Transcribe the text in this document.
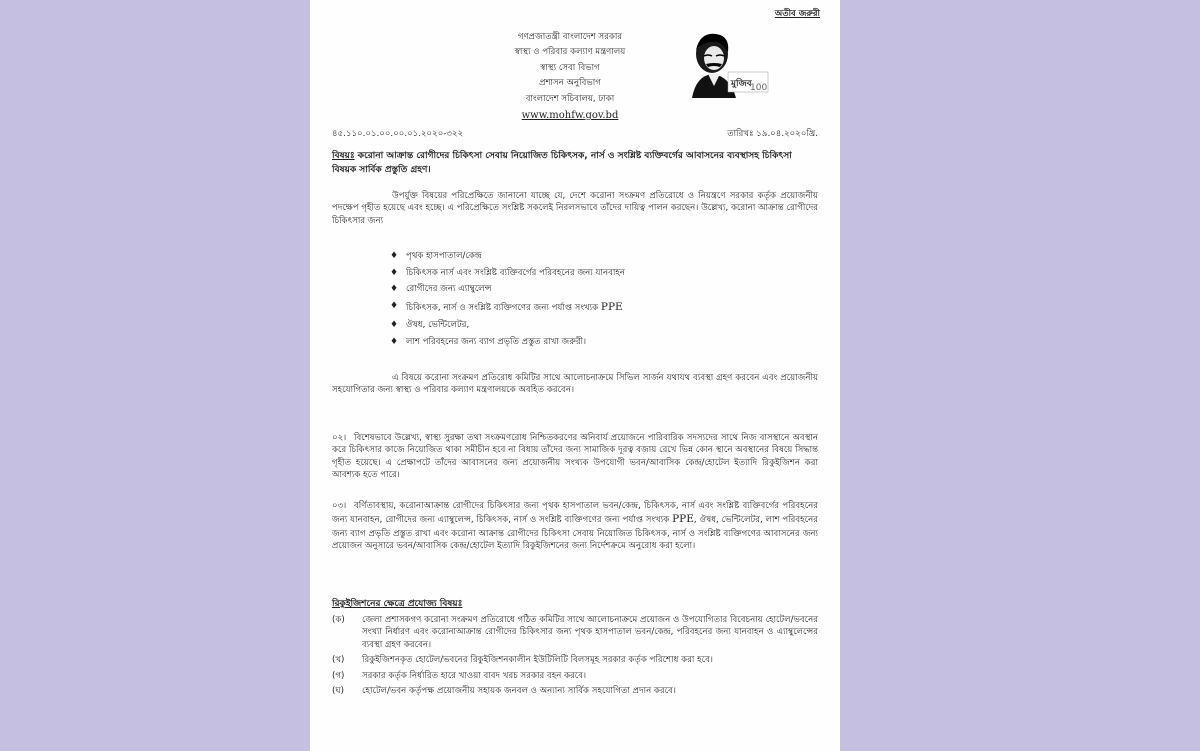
অতীব জরুরী
গণপ্রজাতন্ত্রী বাংলাদেশ সরকার
স্বাস্থ্য ও পরিবার কল্যাণ মন্ত্রণালয়
স্বাস্থ্য সেবা বিভাগ
প্রশাসন অনুবিভাগ
বাংলাদেশ সচিবালয়, ঢাকা
www.mohfw.gov.bd
মুজিব
100
৪৫.১১০.০১.০০.০০.০১.২০২০-৩২২	তারিখঃ ১৯.০৪.২০২০খ্রি.
বিষয়ঃ করোনা আক্রান্ত রোগীদের চিকিৎসা সেবায় নিয়োজিত চিকিৎসক, নার্স ও সংশ্লিষ্ট ব্যক্তিবর্গের আবাসনের ব্যবস্থাসহ চিকিৎসা বিষয়ক সার্বিক প্রস্তুতি গ্রহণ।
উপর্যুক্ত বিষয়ের পরিপ্রেক্ষিতে জানানো যাচ্ছে যে, দেশে করোনা সংক্রমণ প্রতিরোধে ও নিয়ন্ত্রণে সরকার কর্তৃক প্রয়োজনীয় পদক্ষেপ গৃহীত হয়েছে এবং হচ্ছে। এ পরিপ্রেক্ষিতে সংশ্লিষ্ট সকলেই নিরলসভাবে তাঁদের দায়িত্ব পালন করছেন। উল্লেখ্য, করোনা আক্রান্ত রোগীদের চিকিৎসার জন্য
♦ পৃথক হাসপাতাল/কেন্দ্র
♦ চিকিৎসক নার্স এবং সংশ্লিষ্ট ব্যক্তিবর্গের পরিবহনের জন্য যানবাহন
♦ রোগীদের জন্য এ্যাম্বুলেন্স
♦ চিকিৎসক, নার্স ও সংশ্লিষ্ট ব্যক্তিগণের জন্য পর্যাপ্ত সংখ্যক PPE
♦ ঔষধ, ভেন্টিলেটর,
♦ লাশ পরিবহনের জন্য ব্যাগ প্রভৃতি প্রস্তুত রাখা জরুরী।
এ বিষয়ে করোনা সংক্রমণ প্রতিরোধ কমিটির সাথে আলোচনাক্রমে সিভিল সার্জন যথাযথ ব্যবস্থা গ্রহণ করবেন এবং প্রয়োজনীয় সহযোগিতার জন্য স্বাস্থ্য ও পরিবার কল্যাণ মন্ত্রণালয়কে অবহিত করবেন।
০২। বিশেষভাবে উল্লেখ্য, স্বাস্থ্য সুরক্ষা তথা সংক্রমণরোধ নিশ্চিতকরণের অনিবার্য প্রয়োজনে পারিবারিক সদস্যদের সাথে নিজ বাসস্থানে অবস্থান করে চিকিৎসার কাজে নিয়োজিত থাকা সমীচীন হবে না বিধায় তাঁদের জন্য সামাজিক দূরত্ব বজায় রেখে ভিন্ন কোন স্থানে অবস্থানের বিষয়ে সিদ্ধান্ত গৃহীত হয়েছে। এ প্রেক্ষাপটে তাঁদের আবাসনের জন্য প্রয়োজনীয় সংখ্যক উপযোগী ভবন/আবাসিক কেন্দ্র/হোটেল ইত্যাদি রিকুইজিশন করা আবশ্যক হতে পারে।
০৩। বর্ণিতাবস্থায়, করোনাআক্রান্ত রোগীদের চিকিৎসার জন্য পৃথক হাসপাতাল ভবন/কেন্দ্র, চিকিৎসক, নার্স এবং সংশ্লিষ্ট ব্যক্তিবর্গের পরিবহনের জন্য যানবাহন, রোগীদের জন্য এ্যাম্বুলেন্স, চিকিৎসক, নার্স ও সংশ্লিষ্ট ব্যক্তিগণের জন্য পর্যাপ্ত সংখ্যক PPE, ঔষধ, ভেন্টিলেটর, লাশ পরিবহনের জন্য ব্যাগ প্রভৃতি প্রস্তুত রাখা এবং করোনা আক্রান্ত রোগীদের চিকিৎসা সেবায় নিয়োজিত চিকিৎসক, নার্স ও সংশ্লিষ্ট ব্যক্তিগণের আবাসনের জন্য প্রয়োজন অনুসারে ভবন/আবাসিক কেন্দ্র/হোটেল ইত্যাদি রিকুইজিশনের জন্য নির্দেশক্রমে অনুরোধ করা হলো।
রিকুইজিশনের ক্ষেত্রে প্রযোজ্য বিষয়ঃ
(ক)	জেলা প্রশাসকগণ করোনা সংক্রমণ প্রতিরোধে গঠিত কমিটির সাথে আলোচনাক্রমে প্রয়োজন ও উপযোগিতার বিবেচনায় হোটেল/ভবনের সংখ্যা নির্ধারণ এবং করোনাআক্রান্ত রোগীদের চিকিৎসার জন্য পৃথক হাসপাতাল ভবন/কেন্দ্র, পরিবহনের জন্য যানবাহন ও এ্যাম্বুলেন্সের ব্যবস্থা গ্রহণ করবেন।
(খ)	রিকুইজিশনকৃত হোটেল/ভবনের রিকুইজিশনকালীন ইউটিলিটি বিলসমূহ সরকার কর্তৃক পরিশোধ করা হবে।
(গ)	সরকার কর্তৃক নির্ধারিত হারে খাওয়া বাবদ খরচ সরকার বহন করবে।
(ঘ)	হোটেল/ভবন কর্তৃপক্ষ প্রয়োজনীয় সহায়ক জনবল ও অন্যান্য সার্বিক সহযোগিতা প্রদান করবে।
